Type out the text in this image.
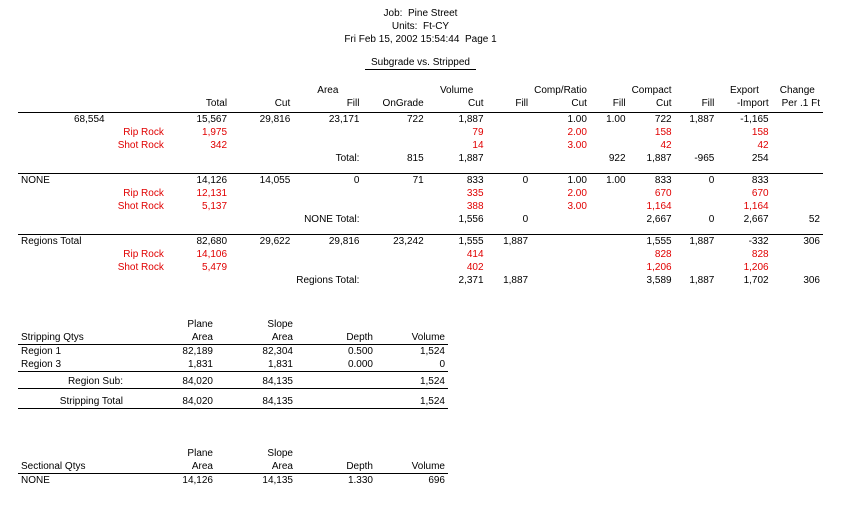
Job:  Pine Street
Units:  Ft-CY
Fri Feb 15, 2002 15:54:44  Page 1
Subgrade vs. Stripped
				Area		Volume		Comp/Ratio		Compact		Export	Change
		Total	Cut	Fill	OnGrade	Cut	Fill	Cut	Fill	Cut	Fill	-Import	Per .1 Ft

68,554		15,567	29,816	23,171	722	1,887		1.00	1.00	722	1,887	-1,165	
	Rip Rock	1,975				79		2.00		158		158	
	Shot Rock	342				14		3.00		42		42	
				Total:	815	1,887			922	1,887	-965	254	

NONE		14,126	14,055	0	71	833	0	1.00	1.00	833	0	833	
	Rip Rock	12,131				335		2.00		670		670	
	Shot Rock	5,137				388		3.00		1,164		1,164	
				NONE Total:		1,556	0			2,667	0	2,667	52

Regions Total		82,680	29,622	29,816	23,242	1,555	1,887			1,555	1,887	-332	306
	Rip Rock	14,106				414				828		828	
	Shot Rock	5,479				402				1,206		1,206	
				Regions Total:		2,371	1,887			3,589	1,887	1,702	306
	Plane	Slope		
Stripping Qtys	Area	Area	Depth	Volume
Region 1	82,189	82,304	0.500	1,524
Region 3	1,831	1,831	0.000	0

Region Sub:	84,020	84,135		1,524

Stripping Total	84,020	84,135		1,524
	Plane	Slope		
Sectional Qtys	Area	Area	Depth	Volume
NONE	14,126	14,135	1.330	696
